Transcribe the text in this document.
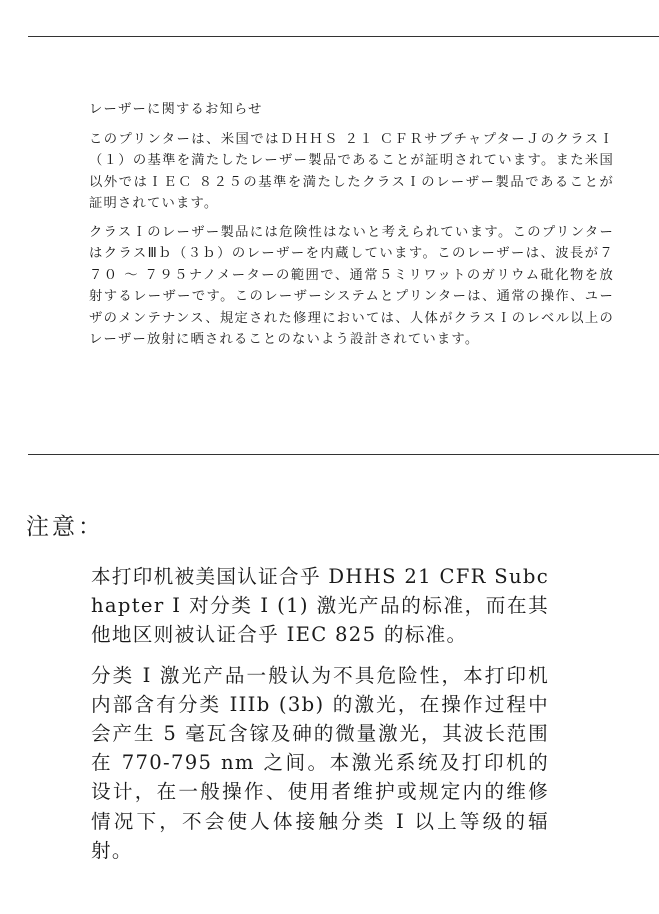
レーザーに関するお知らせ

このプリンターは、米国ではＤＨＨＳ ２１ ＣＦＲサブチャプターＪのクラスＩ（１）の基準を満たしたレーザー製品であることが証明されています。また米国以外ではＩＥＣ ８２５の基準を満たしたクラスＩのレーザー製品であることが証明されています。

クラスＩのレーザー製品には危険性はないと考えられています。このプリンターはクラスⅢｂ（３ｂ）のレーザーを内蔵しています。このレーザーは、波長が７７０ ～ ７９５ナノメーターの範囲で、通常５ミリワットのガリウム砒化物を放射するレーザーです。このレーザーシステムとプリンターは、通常の操作、ユーザのメンテナンス、規定された修理においては、人体がクラスＩのレベル以上のレーザー放射に晒されることのないよう設計されています。

注意：

本打印机被美国认证合乎 DHHS 21 CFR Subchapter I 对分类 I (1) 激光产品的标准，而在其他地区则被认证合乎 IEC 825 的标准。

分类 I 激光产品一般认为不具危险性，本打印机内部含有分类 IIIb (3b) 的激光，在操作过程中会产生 5 毫瓦含镓及砷的微量激光，其波长范围在 770-795 nm 之间。本激光系统及打印机的设计，在一般操作、使用者维护或规定内的维修情况下，不会使人体接触分类 I 以上等级的辐射。
